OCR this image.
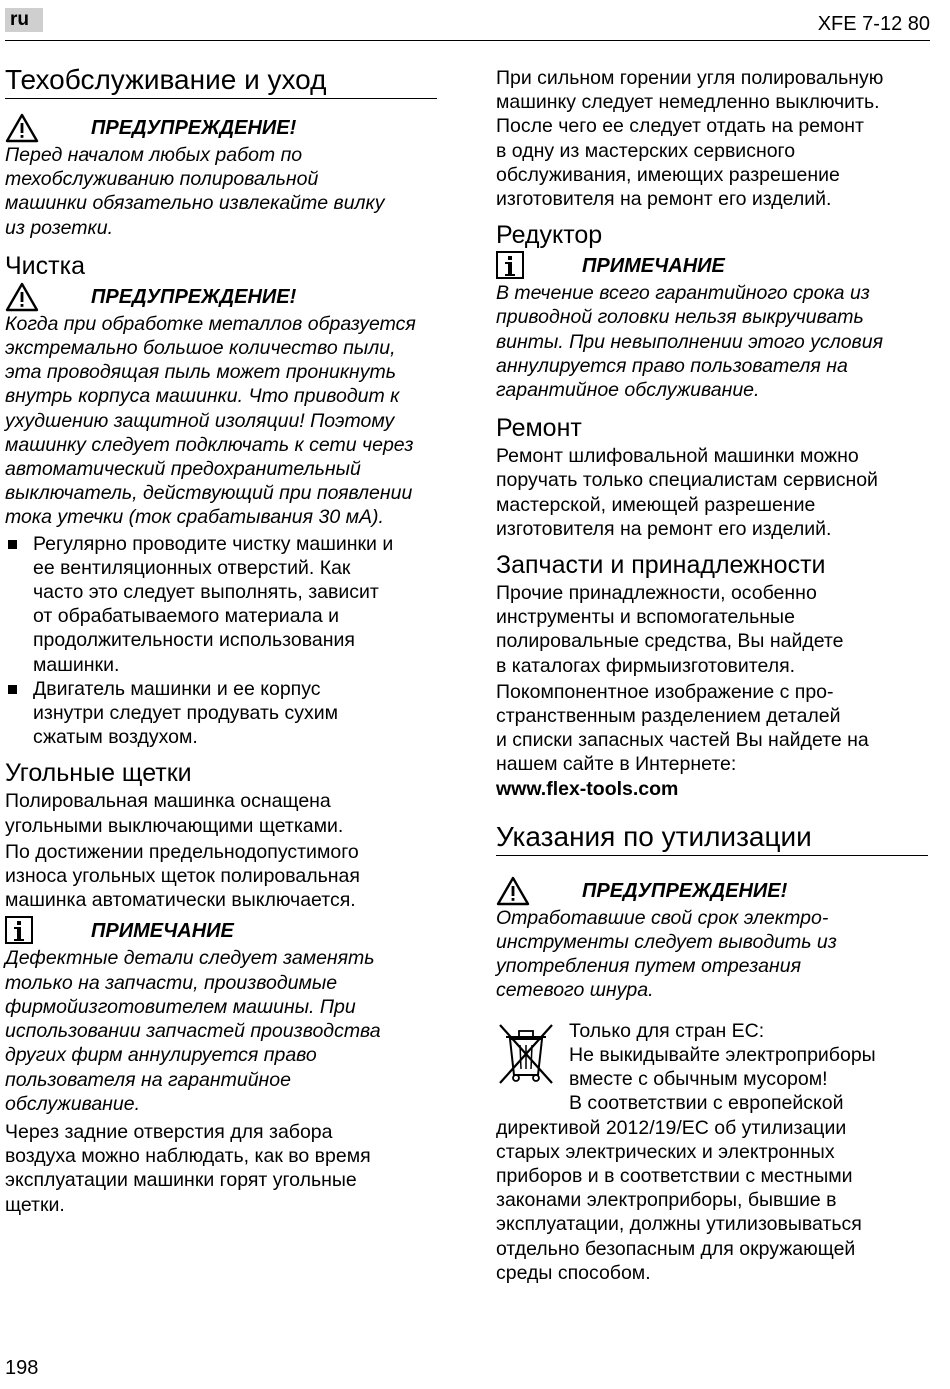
ru	XFE 7-12 80
Техобслуживание и уход
ПРЕДУПРЕЖДЕНИЕ!

Перед началом любых работ по

техобслуживанию полировальной

машинки обязательно извлекайте вилку

из розетки.

Чистка
ПРЕДУПРЕЖДЕНИЕ!

Когда при обработке металлов образуется

экстремально большое количество пыли,

эта проводящая пыль может проникнуть

внутрь корпуса машинки. Что приводит к

ухудшению защитной изоляции! Поэтому

машинку следует подключать к сети через

автоматический предохранительный

выключатель, действующий при появлении

тока утечки (ток срабатывания 30 мА).

Регулярно проводите чистку машинки и
ее вентиляционных отверстий. Как
часто это следует выполнять, зависит
от обрабатываемого материала и
продолжительности использования
машинки.
Двигатель машинки и ее корпус
изнутри следует продувать сухим
сжатым воздухом.
Угольные щетки

Полировальная машинка оснащена

угольными выключающими щетками.

По достижении предельнодопустимого

износа угольных щеток полировальная

машинка автоматически выключается.

ПРИМЕЧАНИЕ

Дефектные детали следует заменять

только на запчасти, производимые

фирмойизготовителем машины. При

использовании запчастей производства

других фирм аннулируется право

пользователя на гарантийное

обслуживание.

Через задние отверстия для забора

воздуха можно наблюдать, как во время

эксплуатации машинки горят угольные

щетки.

При сильном горении угля полировальную

машинку следует немедленно выключить.

После чего ее следует отдать на ремонт

в одну из мастерских сервисного

обслуживания, имеющих разрешение

изготовителя на ремонт его изделий.

Редуктор
ПРИМЕЧАНИЕ

В течение всего гарантийного срока из

приводной головки нельзя выкручивать

винты. При невыполнении этого условия

аннулируется право пользователя на

гарантийное обслуживание.

Ремонт

Ремонт шлифовальной машинки можно

поручать только специалистам сервисной

мастерской, имеющей разрешение

изготовителя на ремонт его изделий.

Запчасти и принадлежности

Прочие принадлежности, особенно

инструменты и вспомогательные

полировальные средства, Вы найдете

в каталогах фирмыизготовителя.

Покомпонентное изображение с про-

странственным разделением деталей

и списки запасных частей Вы найдете на

нашем сайте в Интернете:

www.flex-tools.com

Указания по утилизации
ПРЕДУПРЕЖДЕНИЕ!

Отработавшие свой срок электро-

инструменты следует выводить из

употребления путем отрезания

сетевого шнура.

Только для стран ЕС:

Не выкидывайте электроприборы

вместе с обычным мусором!

В соответствии с европейской

директивой 2012/19/ЕС об утилизации

старых электрических и электронных

приборов и в соответствии с местными

законами электроприборы, бывшие в

эксплуатации, должны утилизовываться

отдельно безопасным для окружающей

среды способом.

198
